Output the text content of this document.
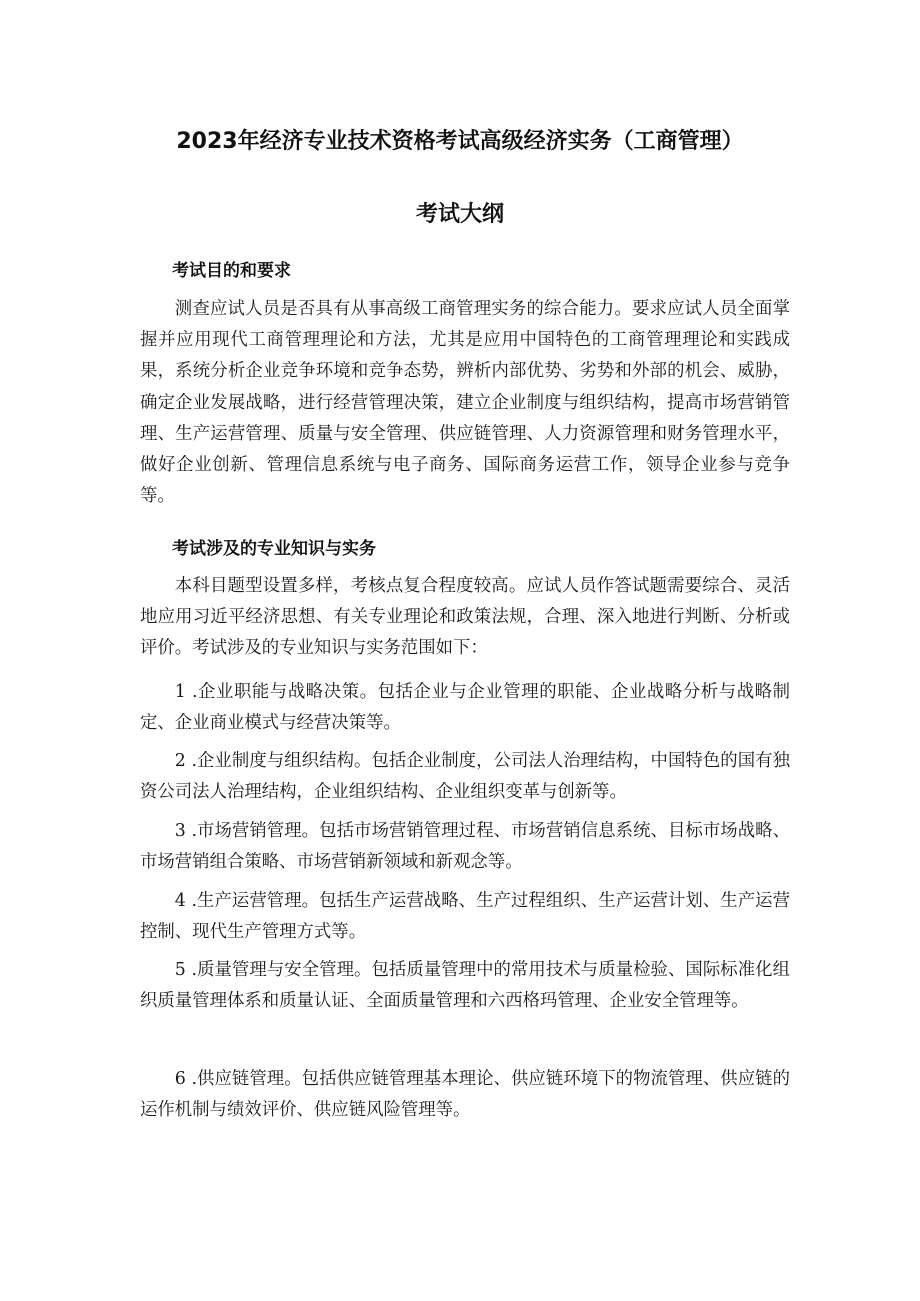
2023年经济专业技术资格考试高级经济实务（工商管理）
考试大纲
考试目的和要求

测查应试人员是否具有从事高级工商管理实务的综合能力。要求应试人员全面掌握并应用现代工商管理理论和方法，尤其是应用中国特色的工商管理理论和实践成果，系统分析企业竞争环境和竞争态势，辨析内部优势、劣势和外部的机会、威胁，确定企业发展战略，进行经营管理决策，建立企业制度与组织结构，提高市场营销管理、生产运营管理、质量与安全管理、供应链管理、人力资源管理和财务管理水平，做好企业创新、管理信息系统与电子商务、国际商务运营工作，领导企业参与竞争等。

考试涉及的专业知识与实务

本科目题型设置多样，考核点复合程度较高。应试人员作答试题需要综合、灵活地应用习近平经济思想、有关专业理论和政策法规，合理、深入地进行判断、分析或评价。考试涉及的专业知识与实务范围如下：

1 .企业职能与战略决策。包括企业与企业管理的职能、企业战略分析与战略制定、企业商业模式与经营决策等。

2 .企业制度与组织结构。包括企业制度，公司法人治理结构，中国特色的国有独资公司法人治理结构，企业组织结构、企业组织变革与创新等。

3 .市场营销管理。包括市场营销管理过程、市场营销信息系统、目标市场战略、市场营销组合策略、市场营销新领域和新观念等。

4 .生产运营管理。包括生产运营战略、生产过程组织、生产运营计划、生产运营控制、现代生产管理方式等。

5 .质量管理与安全管理。包括质量管理中的常用技术与质量检验、国际标准化组织质量管理体系和质量认证、全面质量管理和六西格玛管理、企业安全管理等。

6 .供应链管理。包括供应链管理基本理论、供应链环境下的物流管理、供应链的运作机制与绩效评价、供应链风险管理等。
